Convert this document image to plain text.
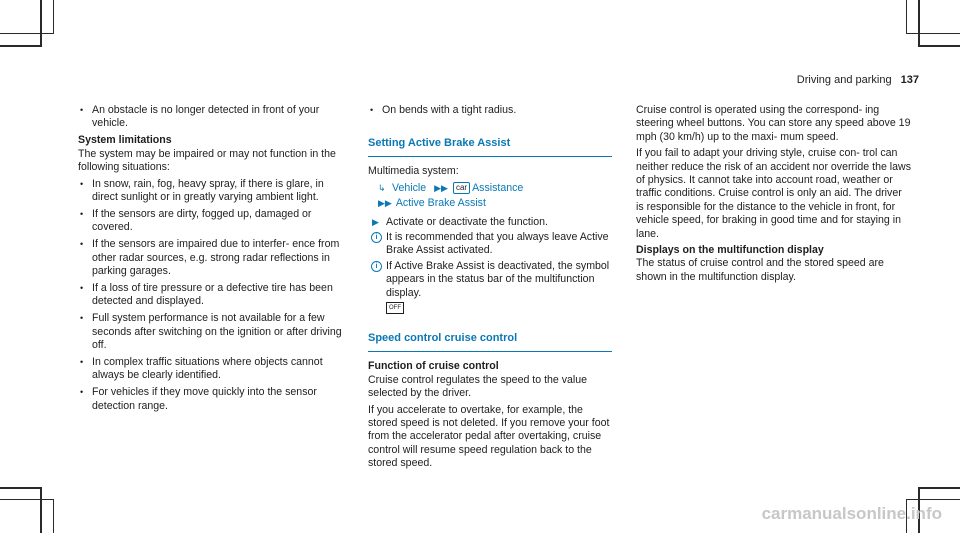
Driving and parking 137
• An obstacle is no longer detected in front of your vehicle.
System limitations
The system may be impaired or may not function in the following situations:
• In snow, rain, fog, heavy spray, if there is glare, in direct sunlight or in greatly varying ambient light.
• If the sensors are dirty, fogged up, damaged or covered.
• If the sensors are impaired due to interfer- ence from other radar sources, e.g. strong radar reflections in parking garages.
• If a loss of tire pressure or a defective tire has been detected and displayed.
• Full system performance is not available for a few seconds after switching on the ignition or after driving off.
• In complex traffic situations where objects cannot always be clearly identified.
• For vehicles if they move quickly into the sensor detection range.
• On bends with a tight radius.
Setting Active Brake Assist
Multimedia system:
↳ Vehicle ▶▶ car Assistance
▶▶ Active Brake Assist
▶ Activate or deactivate the function.
i It is recommended that you always leave Active Brake Assist activated.
i If Active Brake Assist is deactivated, the symbol appears in the status bar of the multifunction display.
OFF
Speed control cruise control
Function of cruise control
Cruise control regulates the speed to the value selected by the driver.
If you accelerate to overtake, for example, the stored speed is not deleted. If you remove your foot from the accelerator pedal after overtaking, cruise control will resume speed regulation back to the stored speed.
Cruise control is operated using the correspond- ing steering wheel buttons. You can store any speed above 19 mph (30 km/h) up to the maxi- mum speed.
If you fail to adapt your driving style, cruise con- trol can neither reduce the risk of an accident nor override the laws of physics. It cannot take into account road, weather or traffic conditions. Cruise control is only an aid. The driver is responsible for the distance to the vehicle in front, for vehicle speed, for braking in good time and for staying in lane.
Displays on the multifunction display
The status of cruise control and the stored speed are shown in the multifunction display.
carmanualsonline.info
